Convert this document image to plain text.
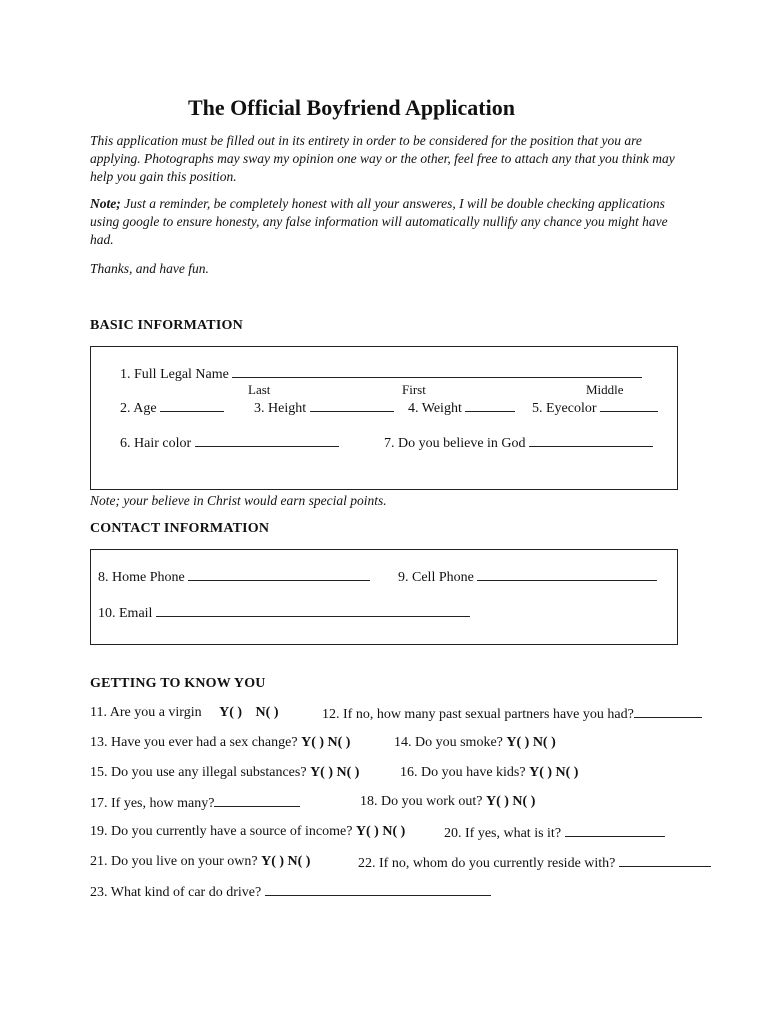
The Official Boyfriend Application
This application must be filled out in its entirety in order to be considered for the position that you are applying. Photographs may sway my opinion one way or the other, feel free to attach any that you think may help you gain this position.
Note; Just a reminder, be completely honest with all your answeres, I will be double checking applications using google to ensure honesty, any false information will automatically nullify any chance you might have had.
Thanks, and have fun.
BASIC INFORMATION
1. Full Legal Name
Last	First	Middle
2. Age	3. Height	4. Weight	5. Eyecolor
6. Hair color	7. Do you believe in God
Note; your believe in Christ would earn special points.
CONTACT INFORMATION
8. Home Phone	9. Cell Phone
10. Email
GETTING TO KNOW YOU
11. Are you a virgin Y( ) N( )	12. If no, how many past sexual partners have you had?
13. Have you ever had a sex change? Y( ) N( )	14. Do you smoke? Y( ) N( )
15. Do you use any illegal substances? Y( ) N( )	16. Do you have kids? Y( ) N( )
17. If yes, how many?	18. Do you work out? Y( ) N( )
19. Do you currently have a source of income? Y( ) N( )	20. If yes, what is it?
21. Do you live on your own? Y( ) N( )	22. If no, whom do you currently reside with?
23. What kind of car do drive?
